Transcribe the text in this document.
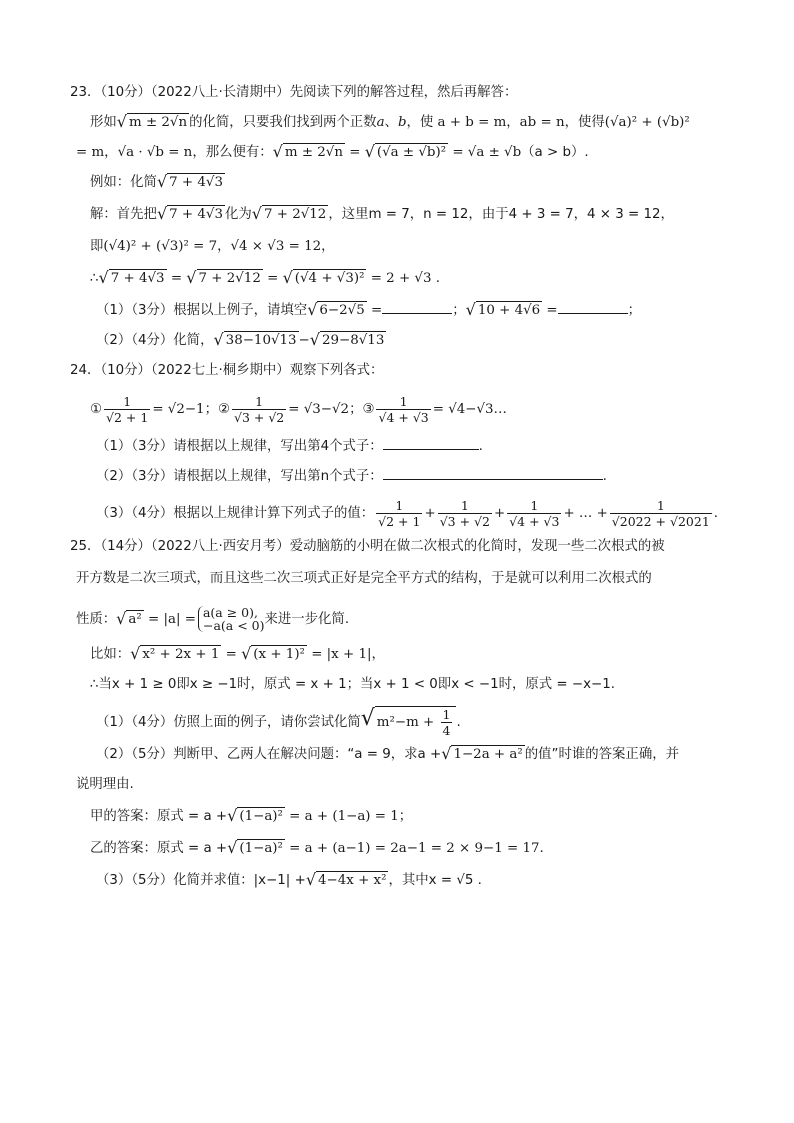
23．（10分）（2022八上·长清期中）先阅读下列的解答过程，然后再解答：
形如 √ m ± 2√n 的化简，只要我们找到两个正数a、b，使 a + b = m，ab = n，使得(√a)² + (√b)²
= m，√a · √b = n，那么便有： √ m ± 2√n = √ (√a ± √b)² = √a ± √b（a > b）.
例如：化简 √ 7 + 4√3
解：首先把 √ 7 + 4√3 化为 √ 7 + 2√12 ，这里m = 7，n = 12，由于4 + 3 = 7，4 × 3 = 12，
即(√4)² + (√3)² = 7，√4 × √3 = 12，
∴ √ 7 + 4√3 = √ 7 + 2√12 = √ (√4 + √3)² = 2 + √3 .
（1）（3分）根据以上例子，请填空 √ 6−2√5 =	； √ 10 + 4√6 =	；
（2）（4分）化简， √ 38−10√13 − √ 29−8√13
24．（10分）（2022七上·桐乡期中）观察下列各式：
① $\frac{1}{√2 + 1} = √2-1$；② $\frac{1}{√3 + √2} = √3-√2$；③ $\frac{1}{√4 + √3}$ = √4−√3…
（1）（3分）请根据以上规律，写出第4个式子：	.
（2）（3分）请根据以上规律，写出第n个式子：	.
（3）（4分）根据以上规律计算下列式子的值： $\frac{1}{√2 + 1} + \frac{1}{√3 + √2} + \frac{1}{√4 + √3}$ + … + $\frac{1}{√2022 + √2021}$ .
25．（14分）（2022八上·西安月考）爱动脑筋的小明在做二次根式的化简时，发现一些二次根式的被
开方数是二次三项式，而且这些二次三项式正好是完全平方式的结构，于是就可以利用二次根式的
性质： √ a² = |a| = a(a ≥ 0),
−a(a < 0) 来进一步化简.
比如： √ x² + 2x + 1 = √ (x + 1)² = |x + 1|，
∴当x + 1 ≥ 0即x ≥ −1时，原式 = x + 1；当x + 1 < 0即x < −1时，原式 = −x−1.
（1）（4分）仿照上面的例子，请你尝试化简 √ $m^2-m + \frac{1}{4}$ .
（2）（5分）判断甲、乙两人在解决问题：“a = 9，求a + √ 1−2a + a² 的值”时谁的答案正确，并
说明理由.
甲的答案：原式 = a + √ (1−a)² = a + (1−a) = 1；
乙的答案：原式 = a + √ (1−a)² = a + (a−1) = 2a−1 = 2 × 9−1 = 17.
（3）（5分）化简并求值：|x−1| + √ 4−4x + x² ，其中x = √5 .
